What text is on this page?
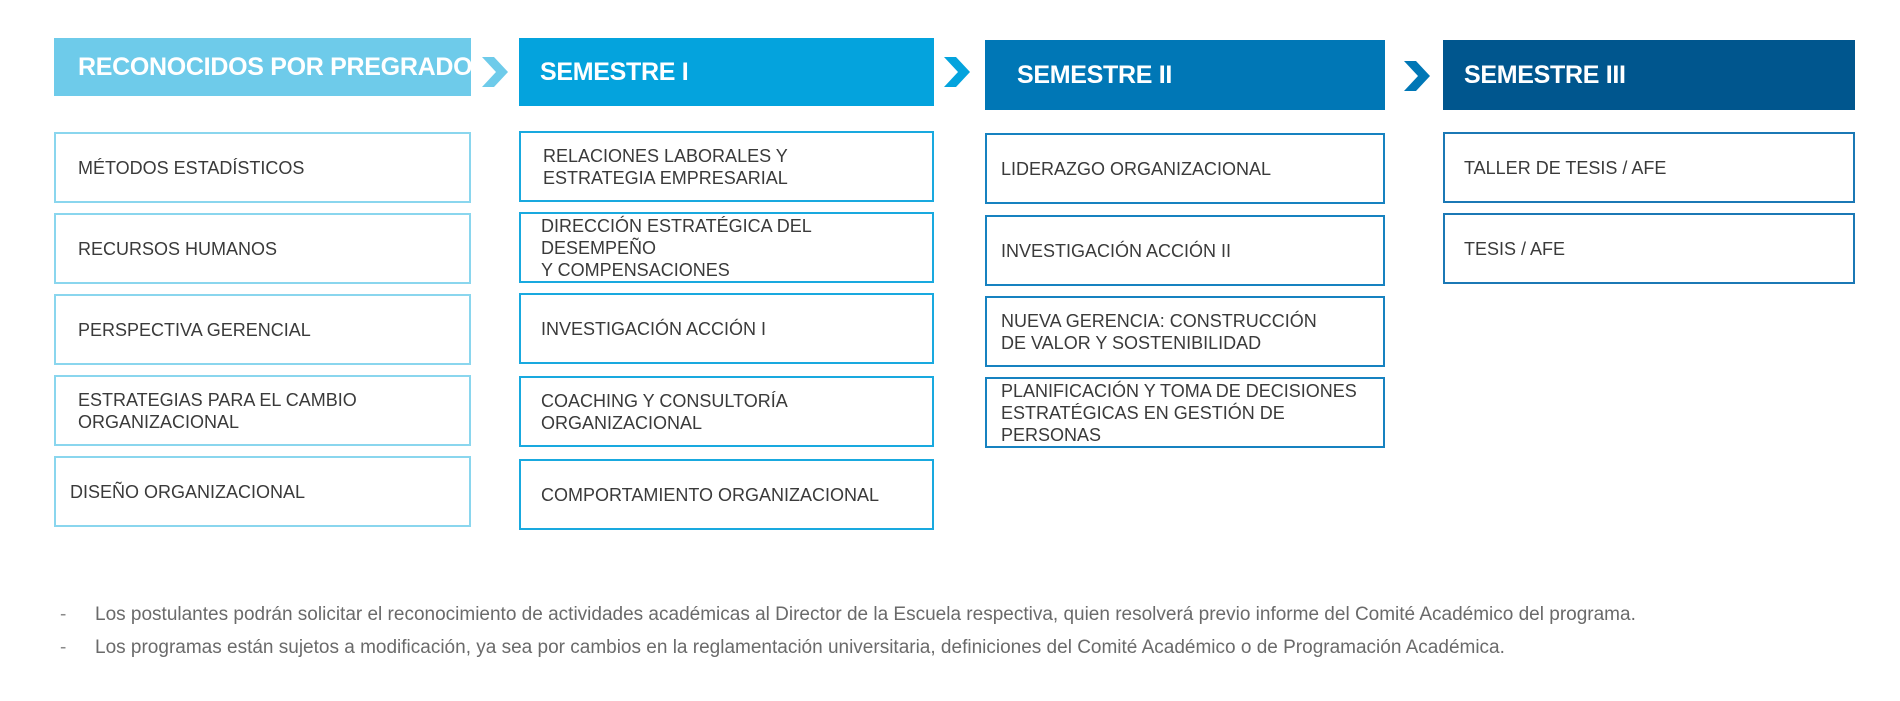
RECONOCIDOS POR PREGRADO
MÉTODOS ESTADÍSTICOS
RECURSOS HUMANOS
PERSPECTIVA GERENCIAL
ESTRATEGIAS PARA EL CAMBIO
ORGANIZACIONAL
DISEÑO ORGANIZACIONAL
SEMESTRE I
RELACIONES LABORALES Y
ESTRATEGIA EMPRESARIAL
DIRECCIÓN ESTRATÉGICA DEL DESEMPEÑO
Y COMPENSACIONES
INVESTIGACIÓN ACCIÓN I
COACHING Y CONSULTORÍA ORGANIZACIONAL
COMPORTAMIENTO ORGANIZACIONAL
SEMESTRE II
LIDERAZGO ORGANIZACIONAL
INVESTIGACIÓN ACCIÓN II
NUEVA GERENCIA: CONSTRUCCIÓN
DE VALOR Y SOSTENIBILIDAD
PLANIFICACIÓN Y TOMA DE DECISIONES
ESTRATÉGICAS EN GESTIÓN DE PERSONAS
SEMESTRE III
TALLER DE TESIS / AFE
TESIS / AFE
-	Los postulantes podrán solicitar el reconocimiento de actividades académicas al Director de la Escuela respectiva, quien resolverá previo informe del Comité Académico del programa.
-	Los programas están sujetos a modificación, ya sea por cambios en la reglamentación universitaria, definiciones del Comité Académico o de Programación Académica.
